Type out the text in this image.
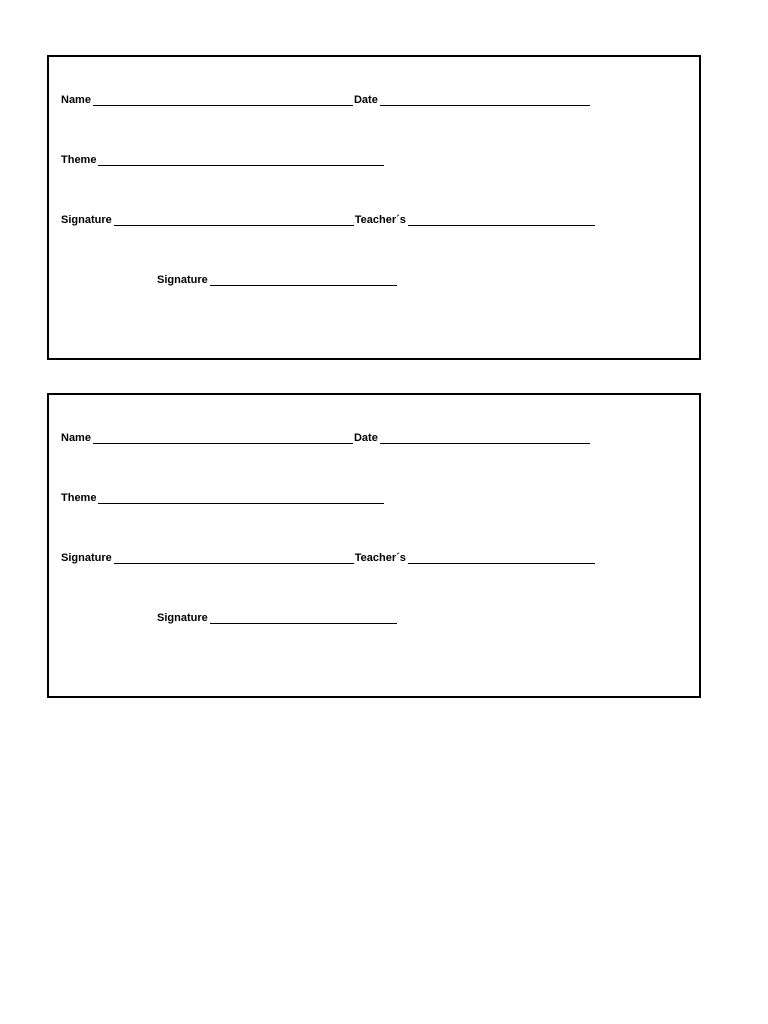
Name	Date
Theme
Signature	Teacher´s
Signature
Name	Date
Theme
Signature	Teacher´s
Signature
